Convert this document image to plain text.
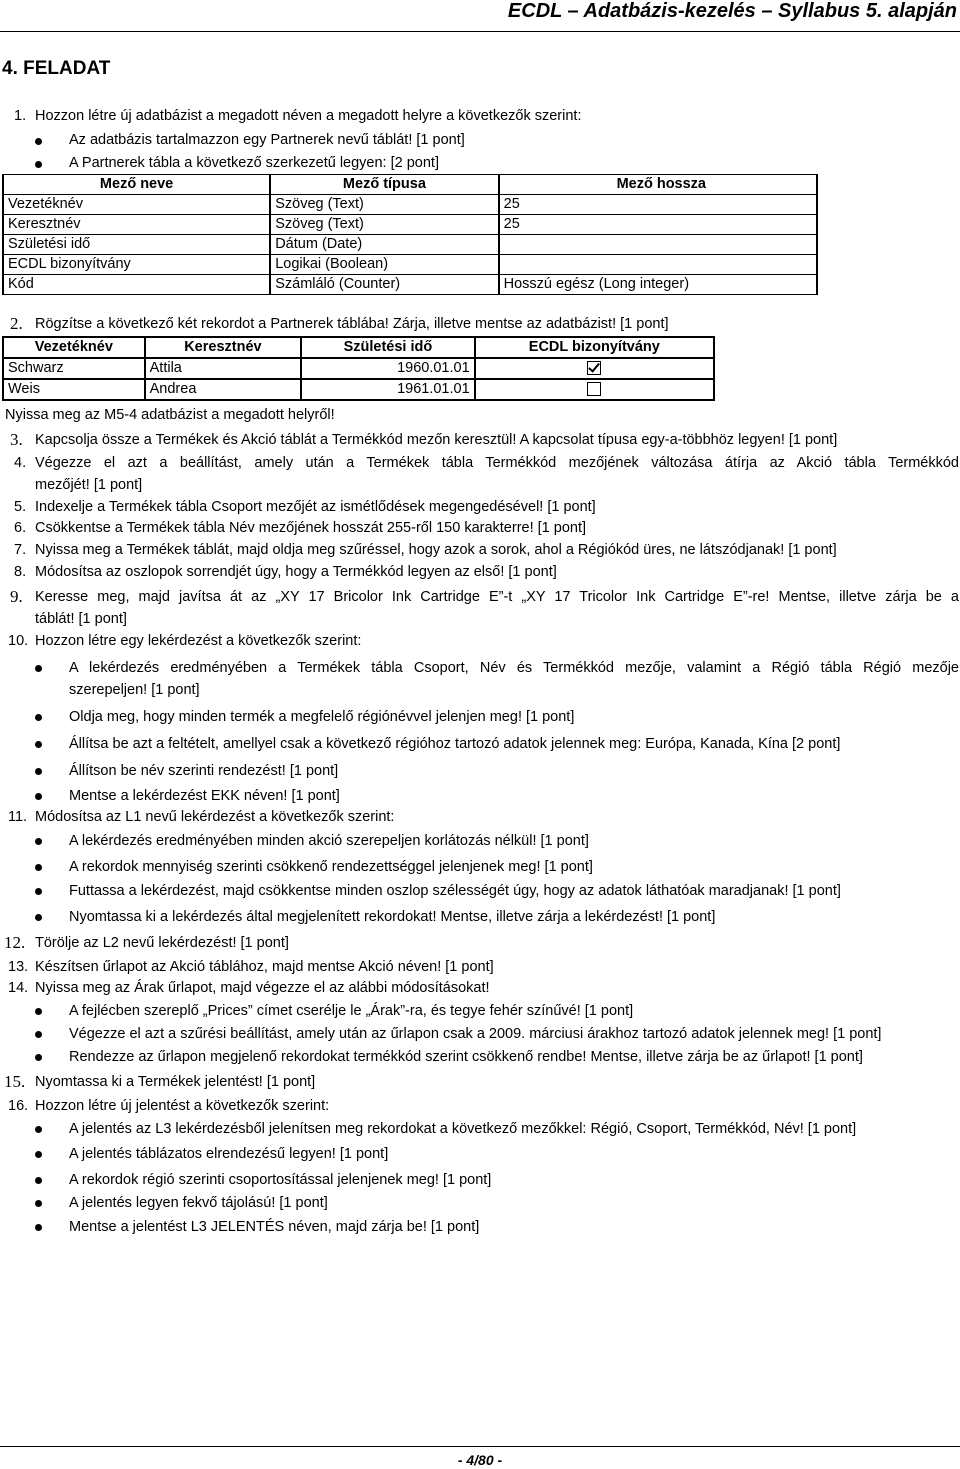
ECDL – Adatbázis-kezelés – Syllabus 5. alapján
4. FELADAT
1. Hozzon létre új adatbázist a megadott néven a megadott helyre a következők szerint:
Az adatbázis tartalmazzon egy Partnerek nevű táblát! [1 pont]
A Partnerek tábla a következő szerkezetű legyen: [2 pont]
Mező neve	Mező típusa	Mező hossza
Vezetéknév	Szöveg (Text)	25
Keresztnév	Szöveg (Text)	25
Születési idő	Dátum (Date)	
ECDL bizonyítvány	Logikai (Boolean)	
Kód	Számláló (Counter)	Hosszú egész (Long integer)
2. Rögzítse a következő két rekordot a Partnerek táblába! Zárja, illetve mentse az adatbázist! [1 pont]
Vezetéknév	Keresztnév	Születési idő	ECDL bizonyítvány
Schwarz	Attila	1960.01.01	
Weis	Andrea	1961.01.01	
Nyissa meg az M5-4 adatbázist a megadott helyről!
3. Kapcsolja össze a Termékek és Akció táblát a Termékkód mezőn keresztül! A kapcsolat típusa egy-a-többhöz legyen! [1 pont]
4. Végezze el azt a beállítást, amely után a Termékek tábla Termékkód mezőjének változása átírja az Akció tábla Termékkód
mezőjét! [1 pont]
5. Indexelje a Termékek tábla Csoport mezőjét az ismétlődések megengedésével! [1 pont]
6. Csökkentse a Termékek tábla Név mezőjének hosszát 255-ről 150 karakterre! [1 pont]
7. Nyissa meg a Termékek táblát, majd oldja meg szűréssel, hogy azok a sorok, ahol a Régiókód üres, ne látszódjanak! [1 pont]
8. Módosítsa az oszlopok sorrendjét úgy, hogy a Termékkód legyen az első! [1 pont]
9. Keresse meg, majd javítsa át az „XY 17 Bricolor Ink Cartridge E”-t „XY 17 Tricolor Ink Cartridge E”-re! Mentse, illetve zárja be a
táblát! [1 pont]
10. Hozzon létre egy lekérdezést a következők szerint:
A lekérdezés eredményében a Termékek tábla Csoport, Név és Termékkód mezője, valamint a Régió tábla Régió mezője
szerepeljen! [1 pont]
Oldja meg, hogy minden termék a megfelelő régiónévvel jelenjen meg! [1 pont]
Állítsa be azt a feltételt, amellyel csak a következő régióhoz tartozó adatok jelennek meg: Európa, Kanada, Kína [2 pont]
Állítson be név szerinti rendezést! [1 pont]
Mentse a lekérdezést EKK néven! [1 pont]
11. Módosítsa az L1 nevű lekérdezést a következők szerint:
A lekérdezés eredményében minden akció szerepeljen korlátozás nélkül! [1 pont]
A rekordok mennyiség szerinti csökkenő rendezettséggel jelenjenek meg! [1 pont]
Futtassa a lekérdezést, majd csökkentse minden oszlop szélességét úgy, hogy az adatok láthatóak maradjanak! [1 pont]
Nyomtassa ki a lekérdezés által megjelenített rekordokat! Mentse, illetve zárja a lekérdezést! [1 pont]
12. Törölje az L2 nevű lekérdezést! [1 pont]
13. Készítsen űrlapot az Akció táblához, majd mentse Akció néven! [1 pont]
14. Nyissa meg az Árak űrlapot, majd végezze el az alábbi módosításokat!
A fejlécben szereplő „Prices” címet cserélje le „Árak”-ra, és tegye fehér színűvé! [1 pont]
Végezze el azt a szűrési beállítást, amely után az űrlapon csak a 2009. márciusi árakhoz tartozó adatok jelennek meg! [1 pont]
Rendezze az űrlapon megjelenő rekordokat termékkód szerint csökkenő rendbe! Mentse, illetve zárja be az űrlapot! [1 pont]
15. Nyomtassa ki a Termékek jelentést! [1 pont]
16. Hozzon létre új jelentést a következők szerint:
A jelentés az L3 lekérdezésből jelenítsen meg rekordokat a következő mezőkkel: Régió, Csoport, Termékkód, Név! [1 pont]
A jelentés táblázatos elrendezésű legyen! [1 pont]
A rekordok régió szerinti csoportosítással jelenjenek meg! [1 pont]
A jelentés legyen fekvő tájolású! [1 pont]
Mentse a jelentést L3 JELENTÉS néven, majd zárja be! [1 pont]
- 4/80 -
